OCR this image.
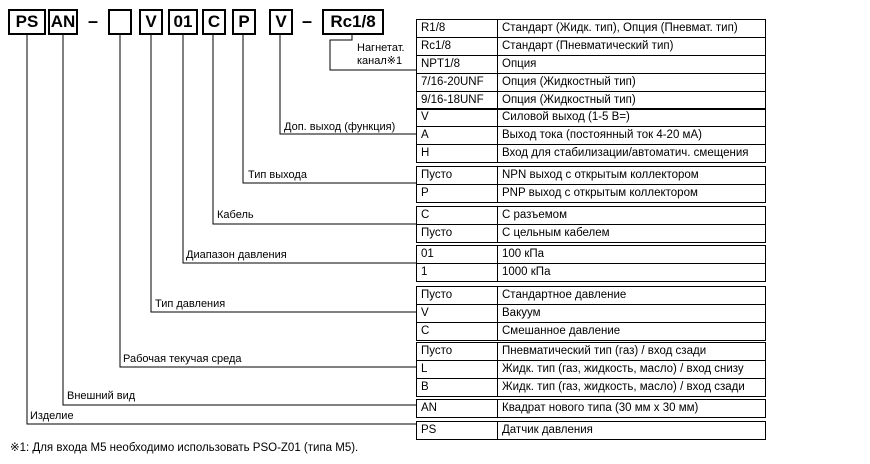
PS AN –	V 01 C	P	V –	Rc1/8
Нагнетат.
канал※1
Доп. выход (функция)
Тип выхода
Кабель
Диапазон давления
Тип давления
Рабочая текучая среда
Внешний вид
Изделие
R1/8	Стандарт (Жидк. тип), Опция (Пневмат. тип)
Rc1/8	Стандарт (Пневматический тип)
NPT1/8	Опция
7/16-20UNF	Опция (Жидкостный тип)
9/16-18UNF	Опция (Жидкостный тип)
V	Силовой выход (1-5 В=)
A	Выход тока (постоянный ток 4-20 мА)
H	Вход для стабилизации/автоматич. смещения
Пусто	NPN выход с открытым коллектором
P	PNP выход с открытым коллектором
C	С разъемом
Пусто	С цельным кабелем
01	100 кПа
1	1000 кПа
Пусто	Стандартное давление
V	Вакуум
C	Смешанное давление
Пусто	Пневматический тип (газ) / вход сзади
L	Жидк. тип (газ, жидкость, масло) / вход снизу
B	Жидк. тип (газ, жидкость, масло) / вход сзади
AN	Квадрат нового типа (30 мм x 30 мм)
PS	Датчик давления
※1: Для входа M5 необходимо использовать PSO-Z01 (типа M5).
